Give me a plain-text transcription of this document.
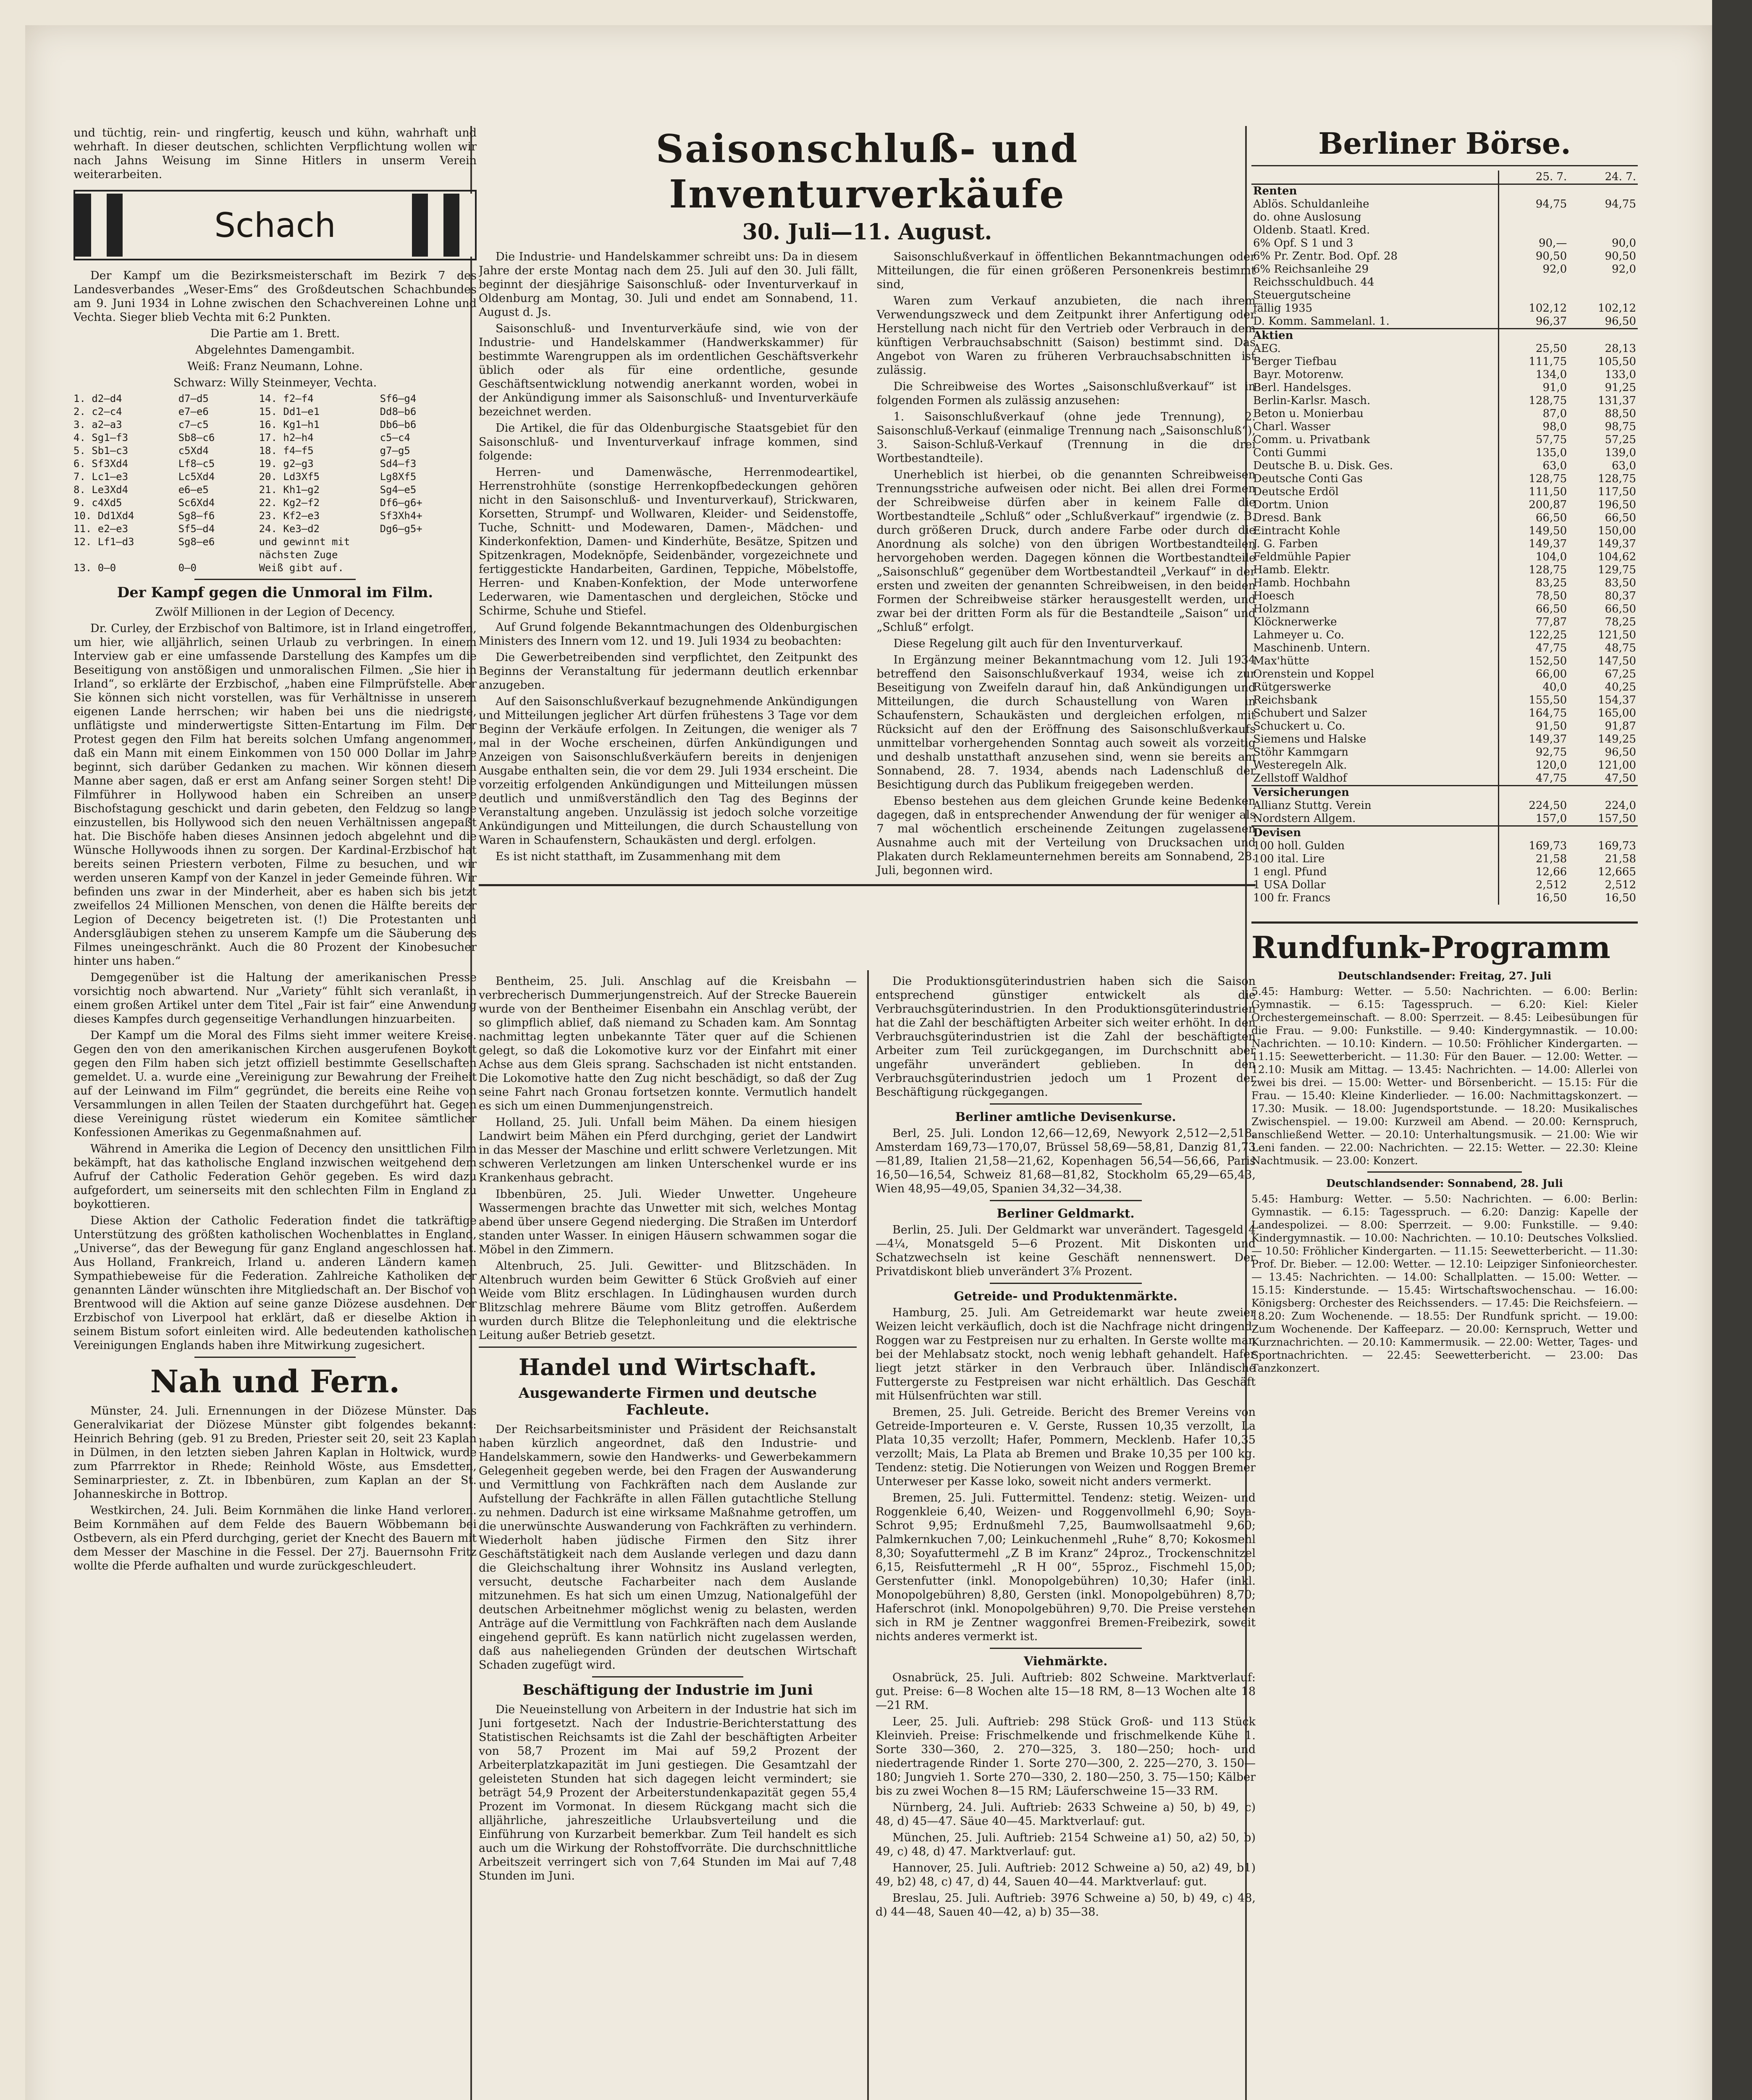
und tüchtig, rein- und ringfertig, keusch und kühn, wahrhaft und wehrhaft. In dieser deutschen, schlichten Verpflichtung wollen wir nach Jahns Weisung im Sinne Hitlers in unserm Verein weiterarbeiten.

Schach

Der Kampf um die Bezirksmeisterschaft im Bezirk 7 des Landesverbandes „Weser-Ems“ des Großdeutschen Schachbundes am 9. Juni 1934 in Lohne zwischen den Schachvereinen Lohne und Vechta. Sieger blieb Vechta mit 6:2 Punkten.

Die Partie am 1. Brett.

Abgelehntes Damengambit.

Weiß: Franz Neumann, Lohne.

Schwarz: Willy Steinmeyer, Vechta.

1. d2—d4	d7—d5	14. f2—f4	Sf6—g4
2. c2—c4	e7—e6	15. Dd1—e1	Dd8—b6
3. a2—a3	c7—c5	16. Kg1—h1	Db6—b6
4. Sg1—f3	Sb8—c6	17. h2—h4	c5—c4
5. Sb1—c3	c5Xd4	18. f4—f5	g7—g5
6. Sf3Xd4	Lf8—c5	19. g2—g3	Sd4—f3
7. Lc1—e3	Lc5Xd4	20. Ld3Xf5	Lg8Xf5
8. Le3Xd4	e6—e5	21. Kh1—g2	Sg4—e5
9. c4Xd5	Sc6Xd4	22. Kg2—f2	Df6—g6+
10. Dd1Xd4	Sg8—f6	23. Kf2—e3	Sf3Xh4+
11. e2—e3	Sf5—d4	24. Ke3—d2	Dg6—g5+
12. Lf1—d3	Sg8—e6	und gewinnt mit nächsten Zuge
13. 0—0	0—0	Weiß gibt auf.
Der Kampf gegen die Unmoral im Film.

Zwölf Millionen in der Legion of Decency.

Dr. Curley, der Erzbischof von Baltimore, ist in Irland eingetroffen, um hier, wie alljährlich, seinen Urlaub zu verbringen. In einem Interview gab er eine umfassende Darstellung des Kampfes um die Beseitigung von anstößigen und unmoralischen Filmen. „Sie hier in Irland“, so erklärte der Erzbischof, „haben eine Filmprüfstelle. Aber Sie können sich nicht vorstellen, was für Verhältnisse in unserem eigenen Lande herrschen; wir haben bei uns die niedrigste, unflätigste und minderwertigste Sitten-Entartung im Film. Der Protest gegen den Film hat bereits solchen Umfang angenommen, daß ein Mann mit einem Einkommen von 150 000 Dollar im Jahre beginnt, sich darüber Gedanken zu machen. Wir können diesem Manne aber sagen, daß er erst am Anfang seiner Sorgen steht! Die Filmführer in Hollywood haben ein Schreiben an unsere Bischofstagung geschickt und darin gebeten, den Feldzug so lange einzustellen, bis Hollywood sich den neuen Verhältnissen angepaßt hat. Die Bischöfe haben dieses Ansinnen jedoch abgelehnt und die Wünsche Hollywoods ihnen zu sorgen. Der Kardinal-Erzbischof hat bereits seinen Priestern verboten, Filme zu besuchen, und wir werden unseren Kampf von der Kanzel in jeder Gemeinde führen. Wir befinden uns zwar in der Minderheit, aber es haben sich bis jetzt zweifellos 24 Millionen Menschen, von denen die Hälfte bereits der Legion of Decency beigetreten ist. (!) Die Protestanten und Andersgläubigen stehen zu unserem Kampfe um die Säuberung des Filmes uneingeschränkt. Auch die 80 Prozent der Kinobesucher hinter uns haben.“

Demgegenüber ist die Haltung der amerikanischen Presse vorsichtig noch abwartend. Nur „Variety“ fühlt sich veranlaßt, in einem großen Artikel unter dem Titel „Fair ist fair“ eine Anwendung dieses Kampfes durch gegenseitige Verhandlungen hinzuarbeiten.

Der Kampf um die Moral des Films sieht immer weitere Kreise. Gegen den von den amerikanischen Kirchen ausgerufenen Boykott gegen den Film haben sich jetzt offiziell bestimmte Gesellschaften gemeldet. U. a. wurde eine „Vereinigung zur Bewahrung der Freiheit auf der Leinwand im Film“ gegründet, die bereits eine Reihe von Versammlungen in allen Teilen der Staaten durchgeführt hat. Gegen diese Vereinigung rüstet wiederum ein Komitee sämtlicher Konfessionen Amerikas zu Gegenmaßnahmen auf.

Während in Amerika die Legion of Decency den unsittlichen Film bekämpft, hat das katholische England inzwischen weitgehend dem Aufruf der Catholic Federation Gehör gegeben. Es wird dazu aufgefordert, um seinerseits mit den schlechten Film in England zu boykottieren.

Diese Aktion der Catholic Federation findet die tatkräftige Unterstützung des größten katholischen Wochenblattes in England, „Universe“, das der Bewegung für ganz England angeschlossen hat. Aus Holland, Frankreich, Irland u. anderen Ländern kamen Sympathiebeweise für die Federation. Zahlreiche Katholiken der genannten Länder wünschten ihre Mitgliedschaft an. Der Bischof von Brentwood will die Aktion auf seine ganze Diözese ausdehnen. Der Erzbischof von Liverpool hat erklärt, daß er dieselbe Aktion in seinem Bistum sofort einleiten wird. Alle bedeutenden katholischen Vereinigungen Englands haben ihre Mitwirkung zugesichert.

Nah und Fern.

Münster, 24. Juli. Ernennungen in der Diözese Münster. Das Generalvikariat der Diözese Münster gibt folgendes bekannt: Heinrich Behring (geb. 91 zu Breden, Priester seit 20, seit 23 Kaplan in Dülmen, in den letzten sieben Jahren Kaplan in Holtwick, wurde zum Pfarrrektor in Rhede; Reinhold Wöste, aus Emsdetten, Seminarpriester, z. Zt. in Ibbenbüren, zum Kaplan an der St. Johanneskirche in Bottrop.

Westkirchen, 24. Juli. Beim Kornmähen die linke Hand verloren. Beim Kornmähen auf dem Felde des Bauern Wöbbemann bei Ostbevern, als ein Pferd durchging, geriet der Knecht des Bauern mit dem Messer der Maschine in die Fessel. Der 27j. Bauernsohn Fritz wollte die Pferde aufhalten und wurde zurückgeschleudert.

Saisonschluß- und Inventurverkäufe
30. Juli—11. August.

Die Industrie- und Handelskammer schreibt uns: Da in diesem Jahre der erste Montag nach dem 25. Juli auf den 30. Juli fällt, beginnt der diesjährige Saisonschluß- oder Inventurverkauf in Oldenburg am Montag, 30. Juli und endet am Sonnabend, 11. August d. Js.

Saisonschluß- und Inventurverkäufe sind, wie von der Industrie- und Handelskammer (Handwerkskammer) für bestimmte Warengruppen als im ordentlichen Geschäftsverkehr üblich oder als für eine ordentliche, gesunde Geschäftsentwicklung notwendig anerkannt worden, wobei in der Ankündigung immer als Saisonschluß- und Inventurverkäufe bezeichnet werden.

Die Artikel, die für das Oldenburgische Staatsgebiet für den Saisonschluß- und Inventurverkauf infrage kommen, sind folgende:

Herren- und Damenwäsche, Herrenmodeartikel, Herrenstrohhüte (sonstige Herrenkopfbedeckungen gehören nicht in den Saisonschluß- und Inventurverkauf), Strickwaren, Korsetten, Strumpf- und Wollwaren, Kleider- und Seidenstoffe, Tuche, Schnitt- und Modewaren, Damen-, Mädchen- und Kinderkonfektion, Damen- und Kinderhüte, Besätze, Spitzen und Spitzenkragen, Modeknöpfe, Seidenbänder, vorgezeichnete und fertiggestickte Handarbeiten, Gardinen, Teppiche, Möbelstoffe, Herren- und Knaben-Konfektion, der Mode unterworfene Lederwaren, wie Damentaschen und dergleichen, Stöcke und Schirme, Schuhe und Stiefel.

Auf Grund folgende Bekanntmachungen des Oldenburgischen Ministers des Innern vom 12. und 19. Juli 1934 zu beobachten:

Die Gewerbetreibenden sind verpflichtet, den Zeitpunkt des Beginns der Veranstaltung für jedermann deutlich erkennbar anzugeben.

Auf den Saisonschlußverkauf bezugnehmende Ankündigungen und Mitteilungen jeglicher Art dürfen frühestens 3 Tage vor dem Beginn der Verkäufe erfolgen. In Zeitungen, die weniger als 7 mal in der Woche erscheinen, dürfen Ankündigungen und Anzeigen von Saisonschlußverkäufern bereits in denjenigen Ausgabe enthalten sein, die vor dem 29. Juli 1934 erscheint. Die vorzeitig erfolgenden Ankündigungen und Mitteilungen müssen deutlich und unmißverständlich den Tag des Beginns der Veranstaltung angeben. Unzulässig ist jedoch solche vorzeitige Ankündigungen und Mitteilungen, die durch Schaustellung von Waren in Schaufenstern, Schaukästen und dergl. erfolgen.

Es ist nicht statthaft, im Zusammenhang mit dem

Saisonschlußverkauf in öffentlichen Bekanntmachungen oder Mitteilungen, die für einen größeren Personenkreis bestimmt sind,

Waren zum Verkauf anzubieten, die nach ihrem Verwendungszweck und dem Zeitpunkt ihrer Anfertigung oder Herstellung nach nicht für den Vertrieb oder Verbrauch in dem künftigen Verbrauchsabschnitt (Saison) bestimmt sind. Das Angebot von Waren zu früheren Verbrauchsabschnitten ist zulässig.

Die Schreibweise des Wortes „Saisonschlußverkauf“ ist in folgenden Formen als zulässig anzusehen:

1. Saisonschlußverkauf (ohne jede Trennung), 2. Saisonschluß-Verkauf (einmalige Trennung nach „Saisonschluß“), 3. Saison-Schluß-Verkauf (Trennung in die drei Wortbestandteile).

Unerheblich ist hierbei, ob die genannten Schreibweisen Trennungsstriche aufweisen oder nicht. Bei allen drei Formen der Schreibweise dürfen aber in keinem Falle die Wortbestandteile „Schluß“ oder „Schlußverkauf“ irgendwie (z. B. durch größeren Druck, durch andere Farbe oder durch die Anordnung als solche) von den übrigen Wortbestandteilen hervorgehoben werden. Dagegen können die Wortbestandteile „Saisonschluß“ gegenüber dem Wortbestandteil „Verkauf“ in der ersten und zweiten der genannten Schreibweisen, in den beiden Formen der Schreibweise stärker herausgestellt werden, und zwar bei der dritten Form als für die Bestandteile „Saison“ und „Schluß“ erfolgt.

Diese Regelung gilt auch für den Inventurverkauf.

In Ergänzung meiner Bekanntmachung vom 12. Juli 1934 betreffend den Saisonschlußverkauf 1934, weise ich zur Beseitigung von Zweifeln darauf hin, daß Ankündigungen und Mitteilungen, die durch Schaustellung von Waren in Schaufenstern, Schaukästen und dergleichen erfolgen, mit Rücksicht auf den der Eröffnung des Saisonschlußverkaufs unmittelbar vorhergehenden Sonntag auch soweit als vorzeitig und deshalb unstatthaft anzusehen sind, wenn sie bereits am Sonnabend, 28. 7. 1934, abends nach Ladenschluß der Besichtigung durch das Publikum freigegeben werden.

Ebenso bestehen aus dem gleichen Grunde keine Bedenken dagegen, daß in entsprechender Anwendung der für weniger als 7 mal wöchentlich erscheinende Zeitungen zugelassenen Ausnahme auch mit der Verteilung von Drucksachen und Plakaten durch Reklameunternehmen bereits am Sonnabend, 28. Juli, begonnen wird.

Bentheim, 25. Juli. Anschlag auf die Kreisbahn — verbrecherisch Dummerjungenstreich. Auf der Strecke Bauerein wurde von der Bentheimer Eisenbahn ein Anschlag verübt, der so glimpflich ablief, daß niemand zu Schaden kam. Am Sonntag nachmittag legten unbekannte Täter quer auf die Schienen gelegt, so daß die Lokomotive kurz vor der Einfahrt mit einer Achse aus dem Gleis sprang. Sachschaden ist nicht entstanden. Die Lokomotive hatte den Zug nicht beschädigt, so daß der Zug seine Fahrt nach Gronau fortsetzen konnte. Vermutlich handelt es sich um einen Dummenjungenstreich.

Holland, 25. Juli. Unfall beim Mähen. Da einem hiesigen Landwirt beim Mähen ein Pferd durchging, geriet der Landwirt in das Messer der Maschine und erlitt schwere Verletzungen. Mit schweren Verletzungen am linken Unterschenkel wurde er ins Krankenhaus gebracht.

Ibbenbüren, 25. Juli. Wieder Unwetter. Ungeheure Wassermengen brachte das Unwetter mit sich, welches Montag abend über unsere Gegend niederging. Die Straßen im Unterdorf standen unter Wasser. In einigen Häusern schwammen sogar die Möbel in den Zimmern.

Altenbruch, 25. Juli. Gewitter- und Blitzschäden. In Altenbruch wurden beim Gewitter 6 Stück Großvieh auf einer Weide vom Blitz erschlagen. In Lüdinghausen wurden durch Blitzschlag mehrere Bäume vom Blitz getroffen. Außerdem wurden durch Blitze die Telephonleitung und die elektrische Leitung außer Betrieb gesetzt.

Handel und Wirtschaft.
Ausgewanderte Firmen und deutsche Fachleute.

Der Reichsarbeitsminister und Präsident der Reichsanstalt haben kürzlich angeordnet, daß den Industrie- und Handelskammern, sowie den Handwerks- und Gewerbekammern Gelegenheit gegeben werde, bei den Fragen der Auswanderung und Vermittlung von Fachkräften nach dem Auslande zur Aufstellung der Fachkräfte in allen Fällen gutachtliche Stellung zu nehmen. Dadurch ist eine wirksame Maßnahme getroffen, um die unerwünschte Auswanderung von Fachkräften zu verhindern. Wiederholt haben jüdische Firmen den Sitz ihrer Geschäftstätigkeit nach dem Auslande verlegen und dazu dann die Gleichschaltung ihrer Wohnsitz ins Ausland verlegten, versucht, deutsche Facharbeiter nach dem Auslande mitzunehmen. Es hat sich um einen Umzug, Nationalgefühl der deutschen Arbeitnehmer möglichst wenig zu belasten, werden Anträge auf die Vermittlung von Fachkräften nach dem Auslande eingehend geprüft. Es kann natürlich nicht zugelassen werden, daß aus naheliegenden Gründen der deutschen Wirtschaft Schaden zugefügt wird.

Beschäftigung der Industrie im Juni

Die Neueinstellung von Arbeitern in der Industrie hat sich im Juni fortgesetzt. Nach der Industrie-Berichterstattung des Statistischen Reichsamts ist die Zahl der beschäftigten Arbeiter von 58,7 Prozent im Mai auf 59,2 Prozent der Arbeiterplatzkapazität im Juni gestiegen. Die Gesamtzahl der geleisteten Stunden hat sich dagegen leicht vermindert; sie beträgt 54,9 Prozent der Arbeiterstundenkapazität gegen 55,4 Prozent im Vormonat. In diesem Rückgang macht sich die alljährliche, jahreszeitliche Urlaubsverteilung und die Einführung von Kurzarbeit bemerkbar. Zum Teil handelt es sich auch um die Wirkung der Rohstoffvorräte. Die durchschnittliche Arbeitszeit verringert sich von 7,64 Stunden im Mai auf 7,48 Stunden im Juni.

Die Produktionsgüterindustrien haben sich die Saison entsprechend günstiger entwickelt als die Verbrauchsgüterindustrien. In den Produktionsgüterindustrien hat die Zahl der beschäftigten Arbeiter sich weiter erhöht. In den Verbrauchsgüterindustrien ist die Zahl der beschäftigten Arbeiter zum Teil zurückgegangen, im Durchschnitt aber ungefähr unverändert geblieben. In den Verbrauchsgüterindustrien jedoch um 1 Prozent der Beschäftigung rückgegangen.

Berliner amtliche Devisenkurse.

Berl, 25. Juli. London 12,66—12,69, Newyork 2,512—2,518, Amsterdam 169,73—170,07, Brüssel 58,69—58,81, Danzig 81,73—81,89, Italien 21,58—21,62, Kopenhagen 56,54—56,66, Paris 16,50—16,54, Schweiz 81,68—81,82, Stockholm 65,29—65,43, Wien 48,95—49,05, Spanien 34,32—34,38.

Berliner Geldmarkt.

Berlin, 25. Juli. Der Geldmarkt war unverändert. Tagesgeld 4—4¼, Monatsgeld 5—6 Prozent. Mit Diskonten und Schatzwechseln ist keine Geschäft nennenswert. Der Privatdiskont blieb unverändert 3⅞ Prozent.

Getreide- und Produktenmärkte.

Hamburg, 25. Juli. Am Getreidemarkt war heute zweier Weizen leicht verkäuflich, doch ist die Nachfrage nicht dringend. Roggen war zu Festpreisen nur zu erhalten. In Gerste wollte man bei der Mehlabsatz stockt, noch wenig lebhaft gehandelt. Hafer liegt jetzt stärker in den Verbrauch über. Inländische Futtergerste zu Festpreisen war nicht erhältlich. Das Geschäft mit Hülsenfrüchten war still.

Bremen, 25. Juli. Getreide. Bericht des Bremer Vereins von Getreide-Importeuren e. V. Gerste, Russen 10,35 verzollt, La Plata 10,35 verzollt; Hafer, Pommern, Mecklenb. Hafer 10,35 verzollt; Mais, La Plata ab Bremen und Brake 10,35 per 100 kg. Tendenz: stetig. Die Notierungen von Weizen und Roggen Bremer Unterweser per Kasse loko, soweit nicht anders vermerkt.

Bremen, 25. Juli. Futtermittel. Tendenz: stetig. Weizen- und Roggenkleie 6,40, Weizen- und Roggenvollmehl 6,90; Soya-Schrot 9,95; Erdnußmehl 7,25, Baumwollsaatmehl 9,60; Palmkernkuchen 7,00; Leinkuchenmehl „Ruhe“ 8,70; Kokosmehl 8,30; Soyafuttermehl „Z B im Kranz“ 24proz., Trockenschnitzel 6,15, Reisfuttermehl „R H 00“, 55proz., Fischmehl 15,00; Gerstenfutter (inkl. Monopolgebühren) 10,30; Hafer (inkl. Monopolgebühren) 8,80, Gersten (inkl. Monopolgebühren) 8,70; Haferschrot (inkl. Monopolgebühren) 9,70. Die Preise verstehen sich in RM je Zentner waggonfrei Bremen-Freibezirk, soweit nichts anderes vermerkt ist.

Viehmärkte.

Osnabrück, 25. Juli. Auftrieb: 802 Schweine. Marktverlauf: gut. Preise: 6—8 Wochen alte 15—18 RM, 8—13 Wochen alte 18—21 RM.

Leer, 25. Juli. Auftrieb: 298 Stück Groß- und 113 Stück Kleinvieh. Preise: Frischmelkende und frischmelkende Kühe 1. Sorte 330—360, 2. 270—325, 3. 180—250; hoch- und niedertragende Rinder 1. Sorte 270—300, 2. 225—270, 3. 150—180; Jungvieh 1. Sorte 270—330, 2. 180—250, 3. 75—150; Kälber bis zu zwei Wochen 8—15 RM; Läuferschweine 15—33 RM.

Nürnberg, 24. Juli. Auftrieb: 2633 Schweine a) 50, b) 49, c) 48, d) 45—47. Säue 40—45. Marktverlauf: gut.

München, 25. Juli. Auftrieb: 2154 Schweine a1) 50, a2) 50, b) 49, c) 48, d) 47. Marktverlauf: gut.

Hannover, 25. Juli. Auftrieb: 2012 Schweine a) 50, a2) 49, b1) 49, b2) 48, c) 47, d) 44, Sauen 40—44. Marktverlauf: gut.

Breslau, 25. Juli. Auftrieb: 3976 Schweine a) 50, b) 49, c) 48, d) 44—48, Sauen 40—42, a) b) 35—38.

Berliner Börse.
	25. 7.	24. 7.
Renten		
Ablös. Schuldanleihe	94,75	94,75
do. ohne Auslosung		
Oldenb. Staatl. Kred.		
6% Opf. S 1 und 3	90,—	90,0
6% Pr. Zentr. Bod. Opf. 28	90,50	90,50
6% Reichsanleihe 29	92,0	92,0
Reichsschuldbuch. 44		
Steuergutscheine		
fällig 1935	102,12	102,12
D. Komm. Sammelanl. 1.	96,37	96,50
Aktien		
AEG.	25,50	28,13
Berger Tiefbau	111,75	105,50
Bayr. Motorenw.	134,0	133,0
Berl. Handelsges.	91,0	91,25
Berlin-Karlsr. Masch.	128,75	131,37
Beton u. Monierbau	87,0	88,50
Charl. Wasser	98,0	98,75
Comm. u. Privatbank	57,75	57,25
Conti Gummi	135,0	139,0
Deutsche B. u. Disk. Ges.	63,0	63,0
Deutsche Conti Gas	128,75	128,75
Deutsche Erdöl	111,50	117,50
Dortm. Union	200,87	196,50
Dresd. Bank	66,50	66,50
Eintracht Kohle	149,50	150,00
J. G. Farben	149,37	149,37
Feldmühle Papier	104,0	104,62
Hamb. Elektr.	128,75	129,75
Hamb. Hochbahn	83,25	83,50
Hoesch	78,50	80,37
Holzmann	66,50	66,50
Klöcknerwerke	77,87	78,25
Lahmeyer u. Co.	122,25	121,50
Maschinenb. Untern.	47,75	48,75
Max'hütte	152,50	147,50
Orenstein und Koppel	66,00	67,25
Rütgerswerke	40,0	40,25
Reichsbank	155,50	154,37
Schubert und Salzer	164,75	165,00
Schuckert u. Co.	91,50	91,87
Siemens und Halske	149,37	149,25
Stöhr Kammgarn	92,75	96,50
Westeregeln Alk.	120,0	121,00
Zellstoff Waldhof	47,75	47,50
Versicherungen		
Allianz Stuttg. Verein	224,50	224,0
Nordstern Allgem.	157,0	157,50
Devisen		
100 holl. Gulden	169,73	169,73
100 ital. Lire	21,58	21,58
1 engl. Pfund	12,66	12,665
1 USA Dollar	2,512	2,512
100 fr. Francs	16,50	16,50
Rundfunk-Programm

Deutschlandsender: Freitag, 27. Juli

5.45: Hamburg: Wetter. — 5.50: Nachrichten. — 6.00: Berlin: Gymnastik. — 6.15: Tagesspruch. — 6.20: Kiel: Kieler Orchestergemeinschaft. — 8.00: Sperrzeit. — 8.45: Leibesübungen für die Frau. — 9.00: Funkstille. — 9.40: Kindergymnastik. — 10.00: Nachrichten. — 10.10: Kindern. — 10.50: Fröhlicher Kindergarten. — 11.15: Seewetterbericht. — 11.30: Für den Bauer. — 12.00: Wetter. — 12.10: Musik am Mittag. — 13.45: Nachrichten. — 14.00: Allerlei von zwei bis drei. — 15.00: Wetter- und Börsenbericht. — 15.15: Für die Frau. — 15.40: Kleine Kinderlieder. — 16.00: Nachmittagskonzert. — 17.30: Musik. — 18.00: Jugendsportstunde. — 18.20: Musikalisches Zwischenspiel. — 19.00: Kurzweil am Abend. — 20.00: Kernspruch, anschließend Wetter. — 20.10: Unterhaltungsmusik. — 21.00: Wie wir Leni fanden. — 22.00: Nachrichten. — 22.15: Wetter. — 22.30: Kleine Nachtmusik. — 23.00: Konzert.

Deutschlandsender: Sonnabend, 28. Juli

5.45: Hamburg: Wetter. — 5.50: Nachrichten. — 6.00: Berlin: Gymnastik. — 6.15: Tagesspruch. — 6.20: Danzig: Kapelle der Landespolizei. — 8.00: Sperrzeit. — 9.00: Funkstille. — 9.40: Kindergymnastik. — 10.00: Nachrichten. — 10.10: Deutsches Volkslied. — 10.50: Fröhlicher Kindergarten. — 11.15: Seewetterbericht. — 11.30: Prof. Dr. Bieber. — 12.00: Wetter. — 12.10: Leipziger Sinfonieorchester. — 13.45: Nachrichten. — 14.00: Schallplatten. — 15.00: Wetter. — 15.15: Kinderstunde. — 15.45: Wirtschaftswochenschau. — 16.00: Königsberg: Orchester des Reichssenders. — 17.45: Die Reichsfeiern. — 18.20: Zum Wochenende. — 18.55: Der Rundfunk spricht. — 19.00: Zum Wochenende. Der Kaffeeparz. — 20.00: Kernspruch, Wetter und Kurznachrichten. — 20.10: Kammermusik. — 22.00: Wetter, Tages- und Sportnachrichten. — 22.45: Seewetterbericht. — 23.00: Das Tanzkonzert.
